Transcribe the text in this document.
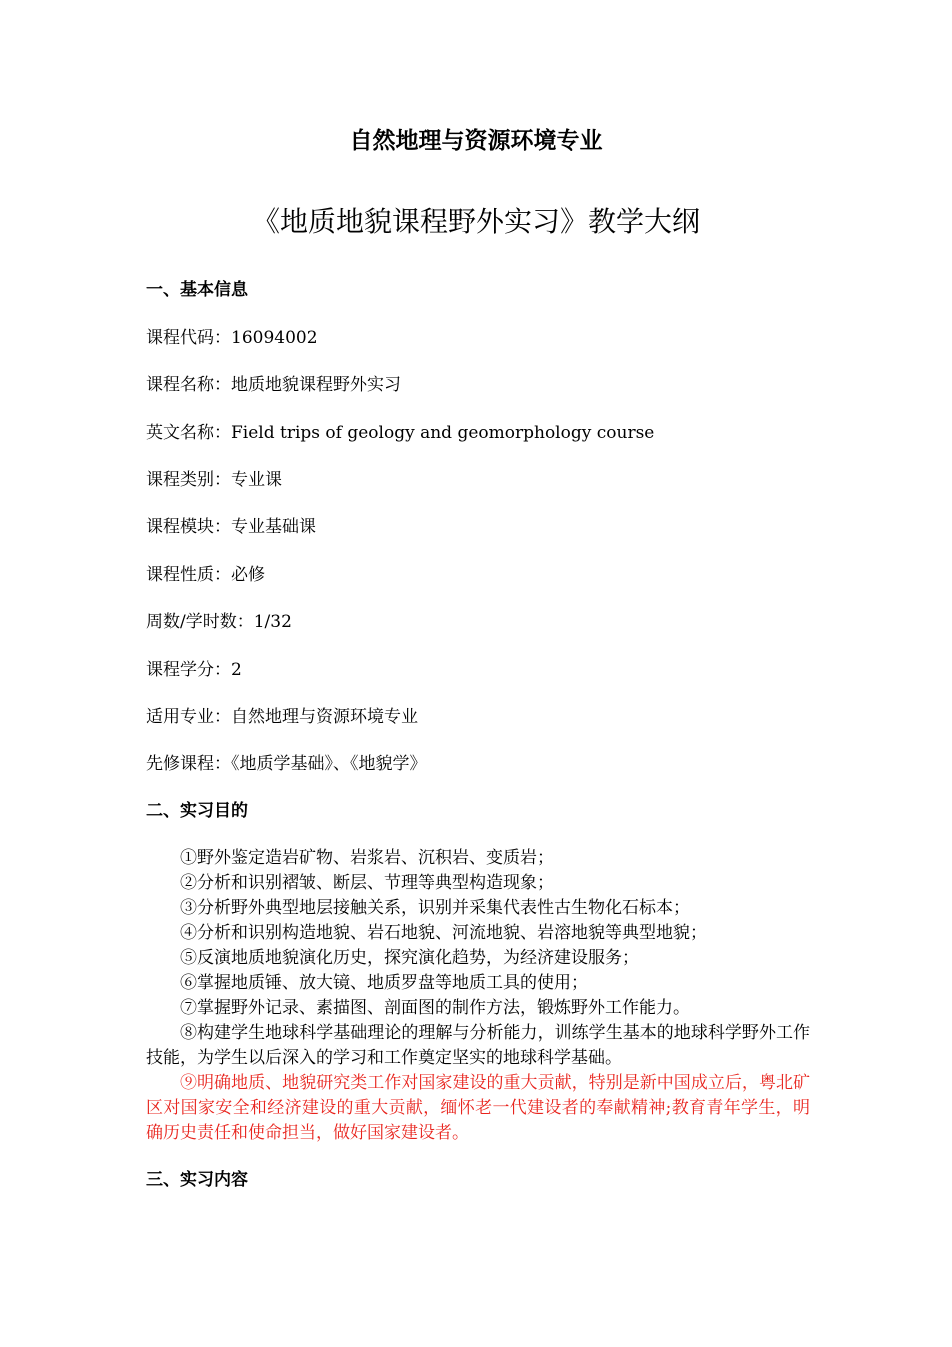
自然地理与资源环境专业
《地质地貌课程野外实习》教学大纲
一、基本信息
课程代码：16094002
课程名称：地质地貌课程野外实习
英文名称：Field trips of geology and geomorphology course
课程类别：专业课
课程模块：专业基础课
课程性质：必修
周数/学时数：1/32
课程学分：2
适用专业：自然地理与资源环境专业
先修课程：《地质学基础》、《地貌学》
二、实习目的

①野外鉴定造岩矿物、岩浆岩、沉积岩、变质岩；

②分析和识别褶皱、断层、节理等典型构造现象；

③分析野外典型地层接触关系，识别并采集代表性古生物化石标本；

④分析和识别构造地貌、岩石地貌、河流地貌、岩溶地貌等典型地貌；

⑤反演地质地貌演化历史，探究演化趋势，为经济建设服务；

⑥掌握地质锤、放大镜、地质罗盘等地质工具的使用；

⑦掌握野外记录、素描图、剖面图的制作方法，锻炼野外工作能力。

⑧构建学生地球科学基础理论的理解与分析能力，训练学生基本的地球科学野外工作技能，为学生以后深入的学习和工作奠定坚实的地球科学基础。

⑨明确地质、地貌研究类工作对国家建设的重大贡献，特别是新中国成立后，粤北矿区对国家安全和经济建设的重大贡献，缅怀老一代建设者的奉献精神;教育青年学生，明确历史责任和使命担当，做好国家建设者。

三、实习内容
